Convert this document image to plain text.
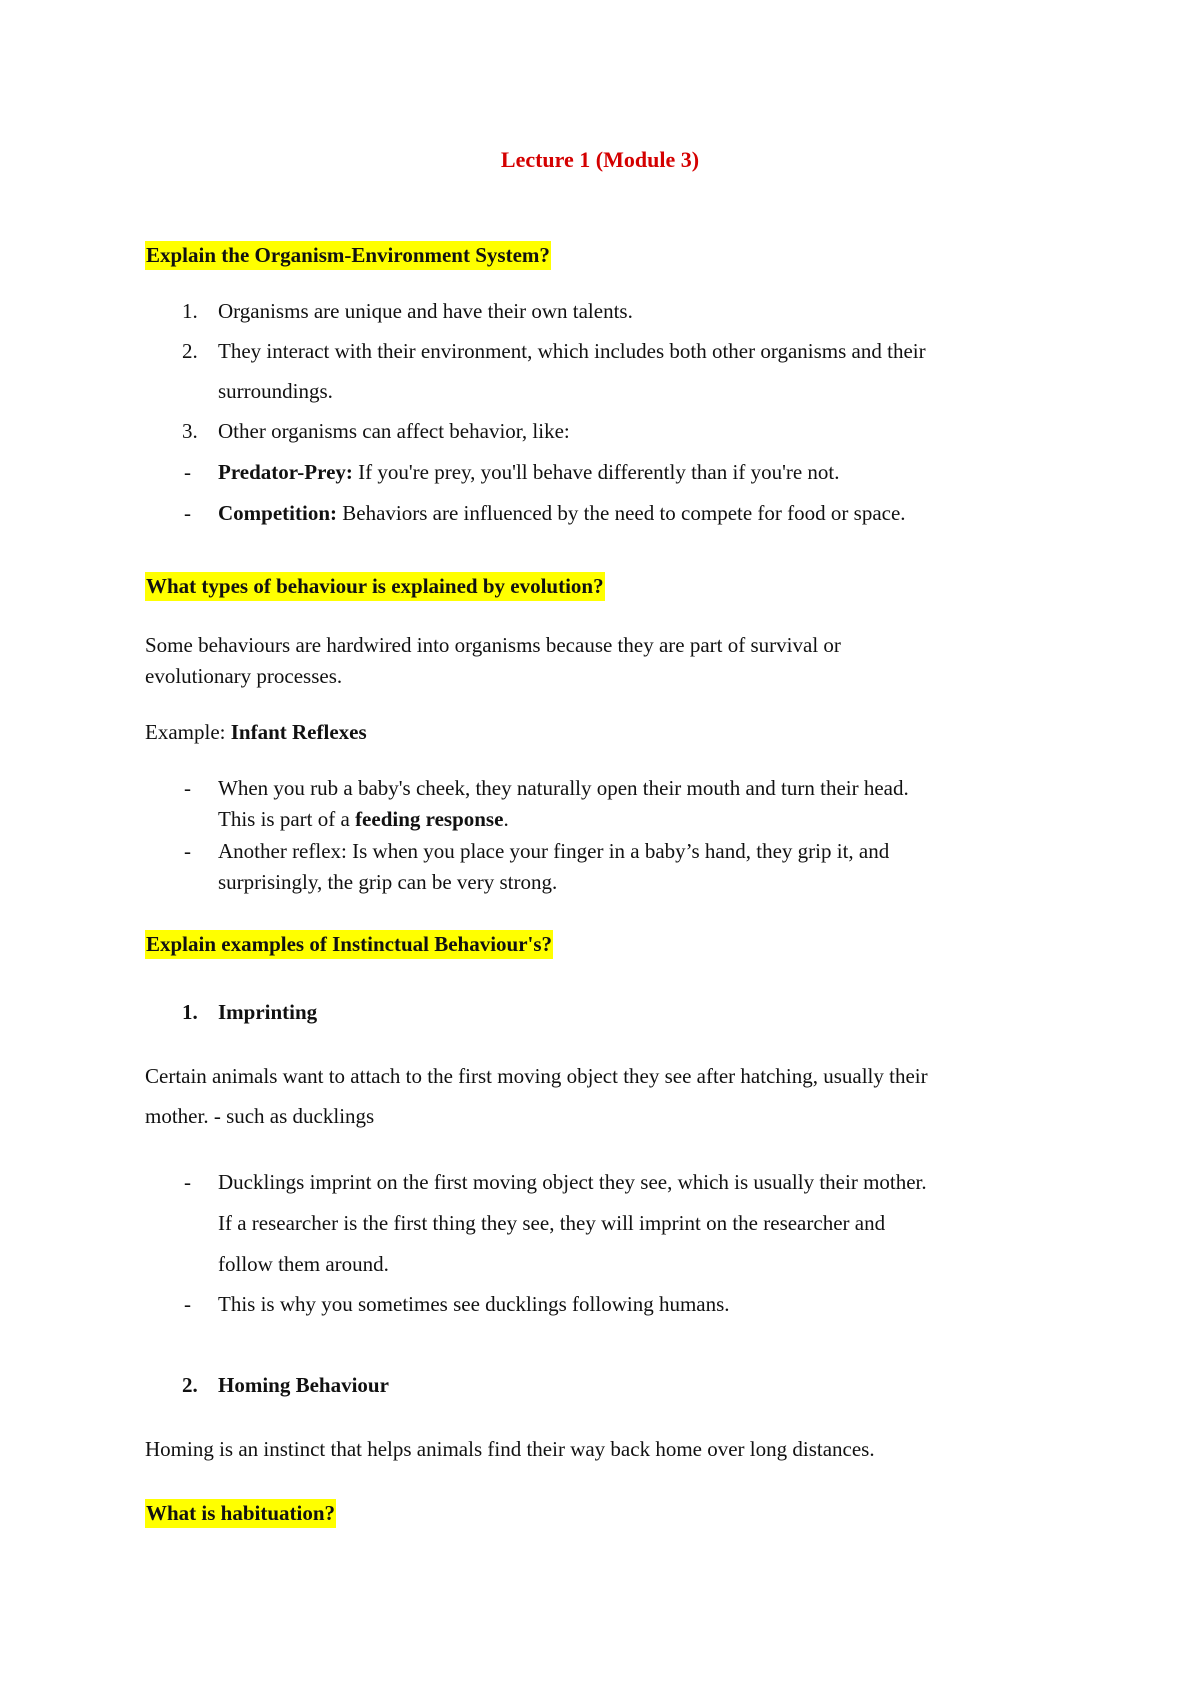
Lecture 1 (Module 3)
Explain the Organism-Environment System?
1. Organisms are unique and have their own talents.
2. They interact with their environment, which includes both other organisms and their
surroundings.
3. Other organisms can affect behavior, like:
- Predator-Prey: If you're prey, you'll behave differently than if you're not.
- Competition: Behaviors are influenced by the need to compete for food or space.
What types of behaviour is explained by evolution?
Some behaviours are hardwired into organisms because they are part of survival or
evolutionary processes.
Example: Infant Reflexes
- When you rub a baby's cheek, they naturally open their mouth and turn their head.
This is part of a feeding response.
- Another reflex: Is when you place your finger in a baby’s hand, they grip it, and
surprisingly, the grip can be very strong.
Explain examples of Instinctual Behaviour's?
1. Imprinting
Certain animals want to attach to the first moving object they see after hatching, usually their
mother. - such as ducklings
- Ducklings imprint on the first moving object they see, which is usually their mother.
If a researcher is the first thing they see, they will imprint on the researcher and
follow them around.
- This is why you sometimes see ducklings following humans.
2. Homing Behaviour
Homing is an instinct that helps animals find their way back home over long distances.
What is habituation?
